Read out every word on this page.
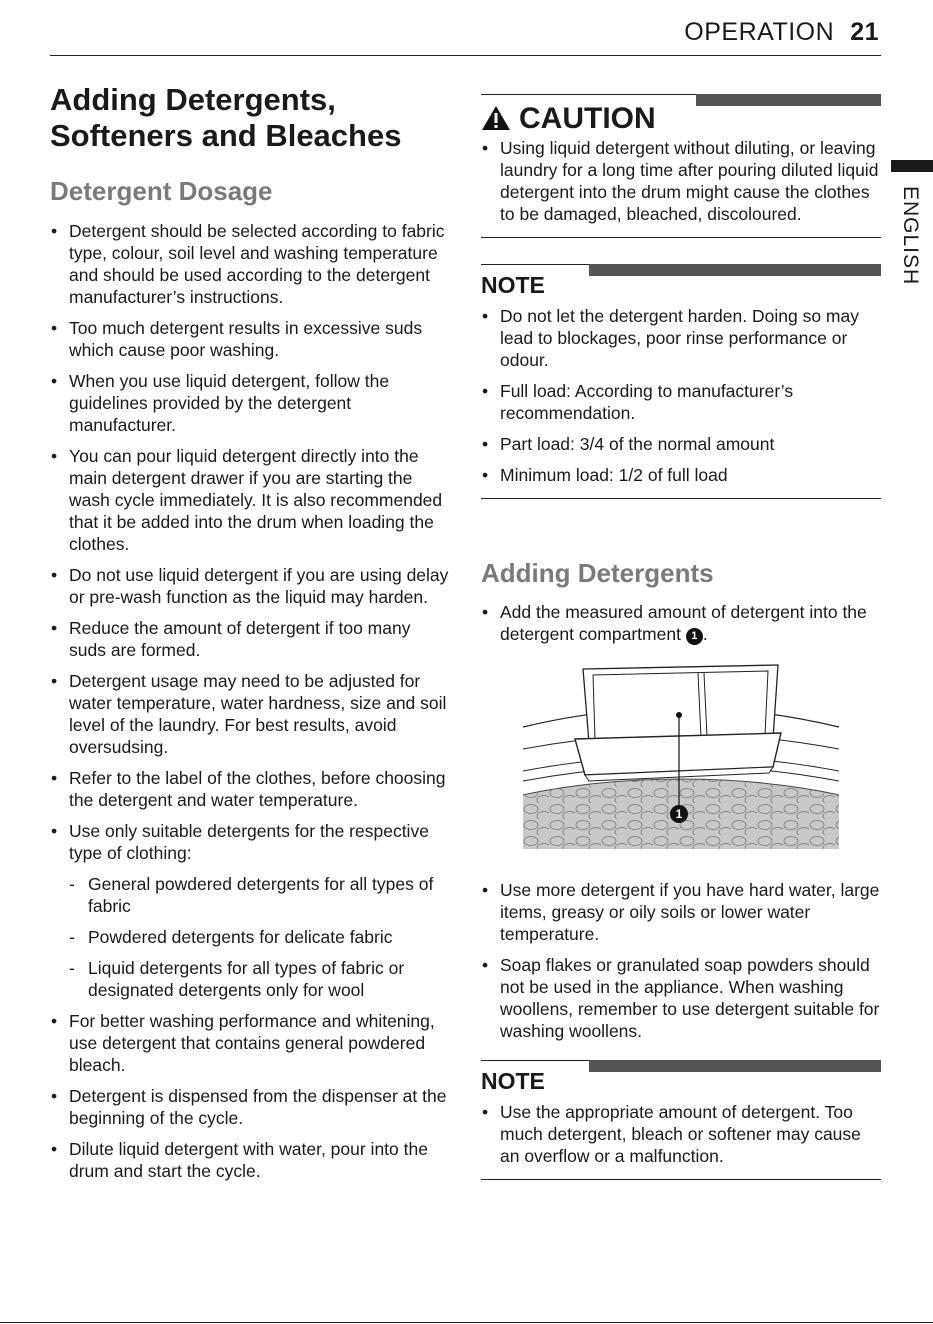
OPERATION 21
ENGLISH
Adding Detergents,
Softeners and Bleaches
Detergent Dosage
• Detergent should be selected according to fabric type, colour, soil level and washing temperature and should be used according to the detergent manufacturer’s instructions.
• Too much detergent results in excessive suds which cause poor washing.
• When you use liquid detergent, follow the guidelines provided by the detergent manufacturer.
• You can pour liquid detergent directly into the main detergent drawer if you are starting the wash cycle immediately. It is also recommended that it be added into the drum when loading the clothes.
• Do not use liquid detergent if you are using delay or pre-wash function as the liquid may harden.
• Reduce the amount of detergent if too many suds are formed.
• Detergent usage may need to be adjusted for water temperature, water hardness, size and soil level of the laundry. For best results, avoid oversudsing.
• Refer to the label of the clothes, before choosing the detergent and water temperature.
• Use only suitable detergents for the respective type of clothing:
- General powdered detergents for all types of fabric
- Powdered detergents for delicate fabric
- Liquid detergents for all types of fabric or designated detergents only for wool
• For better washing performance and whitening, use detergent that contains general powdered bleach.
• Detergent is dispensed from the dispenser at the beginning of the cycle.
• Dilute liquid detergent with water, pour into the drum and start the cycle.
CAUTION
• Using liquid detergent without diluting, or leaving laundry for a long time after pouring diluted liquid detergent into the drum might cause the clothes to be damaged, bleached, discoloured.
NOTE
• Do not let the detergent harden. Doing so may lead to blockages, poor rinse performance or odour.
• Full load: According to manufacturer’s recommendation.
• Part load: 3/4 of the normal amount
• Minimum load: 1/2 of full load
Adding Detergents
• Add the measured amount of detergent into the detergent compartment 1 .
1
• Use more detergent if you have hard water, large items, greasy or oily soils or lower water temperature.
• Soap flakes or granulated soap powders should not be used in the appliance. When washing woollens, remember to use detergent suitable for washing woollens.
NOTE
• Use the appropriate amount of detergent. Too much detergent, bleach or softener may cause an overflow or a malfunction.
